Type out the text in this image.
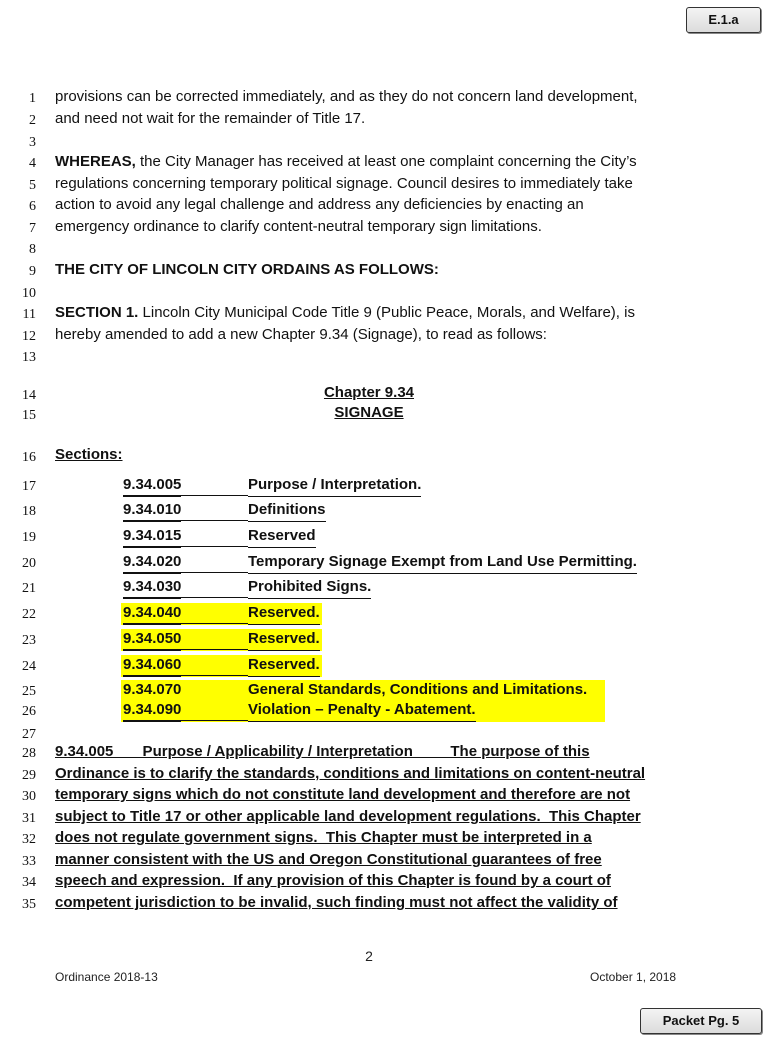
E.1.a
1 provisions can be corrected immediately, and as they do not concern land development,
2 and need not wait for the remainder of Title 17.
3
4 WHEREAS, the City Manager has received at least one complaint concerning the City’s
5 regulations concerning temporary political signage. Council desires to immediately take
6 action to avoid any legal challenge and address any deficiencies by enacting an
7 emergency ordinance to clarify content-neutral temporary sign limitations.
8
9 THE CITY OF LINCOLN CITY ORDAINS AS FOLLOWS:
10
11 SECTION 1. Lincoln City Municipal Code Title 9 (Public Peace, Morals, and Welfare), is
12 hereby amended to add a new Chapter 9.34 (Signage), to read as follows:
13
14	Chapter 9.34
15	SIGNAGE
16 Sections:
17	9.34.005	Purpose / Interpretation.
18	9.34.010	Definitions
19	9.34.015	Reserved
20	9.34.020	Temporary Signage Exempt from Land Use Permitting.
21	9.34.030	Prohibited Signs.
22	9.34.040	Reserved.
23	9.34.050	Reserved.
24	9.34.060	Reserved.
25	9.34.070	General Standards, Conditions and Limitations.
26	9.34.090	Violation – Penalty - Abatement.
27
28 9.34.005       Purpose / Applicability / Interpretation         The purpose of this
29 Ordinance is to clarify the standards, conditions and limitations on content-neutral
30 temporary signs which do not constitute land development and therefore are not
31 subject to Title 17 or other applicable land development regulations.  This Chapter
32 does not regulate government signs.  This Chapter must be interpreted in a
33 manner consistent with the US and Oregon Constitutional guarantees of free
34 speech and expression.  If any provision of this Chapter is found by a court of
35 competent jurisdiction to be invalid, such finding must not affect the validity of
2
Ordinance 2018-13	October 1, 2018
Packet Pg. 5
